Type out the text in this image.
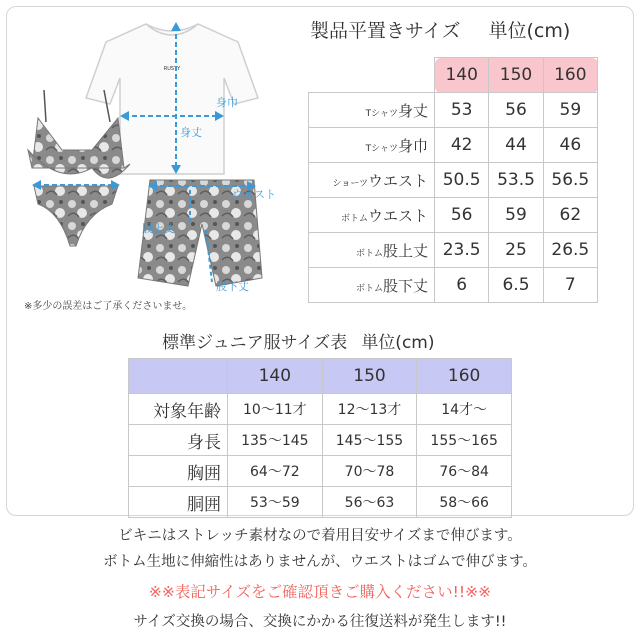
RUSTY
身巾
身丈
ウエスト
股上丈
股下丈
※多少の誤差はご了承くださいませ。
製品平置きサイズ 単位(cm)
	140	150	160
Tシャツ身丈	53	56	59
Tシャツ身巾	42	44	46
ショーツウエスト	50.5	53.5	56.5
ボトムウエスト	56	59	62
ボトム股上丈	23.5	25	26.5
ボトム股下丈	6	6.5	7
標準ジュニア服サイズ表 単位(cm)
	140	150	160
対象年齢	10〜11才	12〜13才	14才〜
身長	135〜145	145〜155	155〜165
胸囲	64〜72	70〜78	76〜84
胴囲	53〜59	56〜63	58〜66
ビキニはストレッチ素材なので着用目安サイズまで伸びます。
ボトム生地に伸縮性はありませんが、ウエストはゴムで伸びます。
※※表記サイズをご確認頂きご購入ください!!※※
サイズ交換の場合、交換にかかる往復送料が発生します!!
